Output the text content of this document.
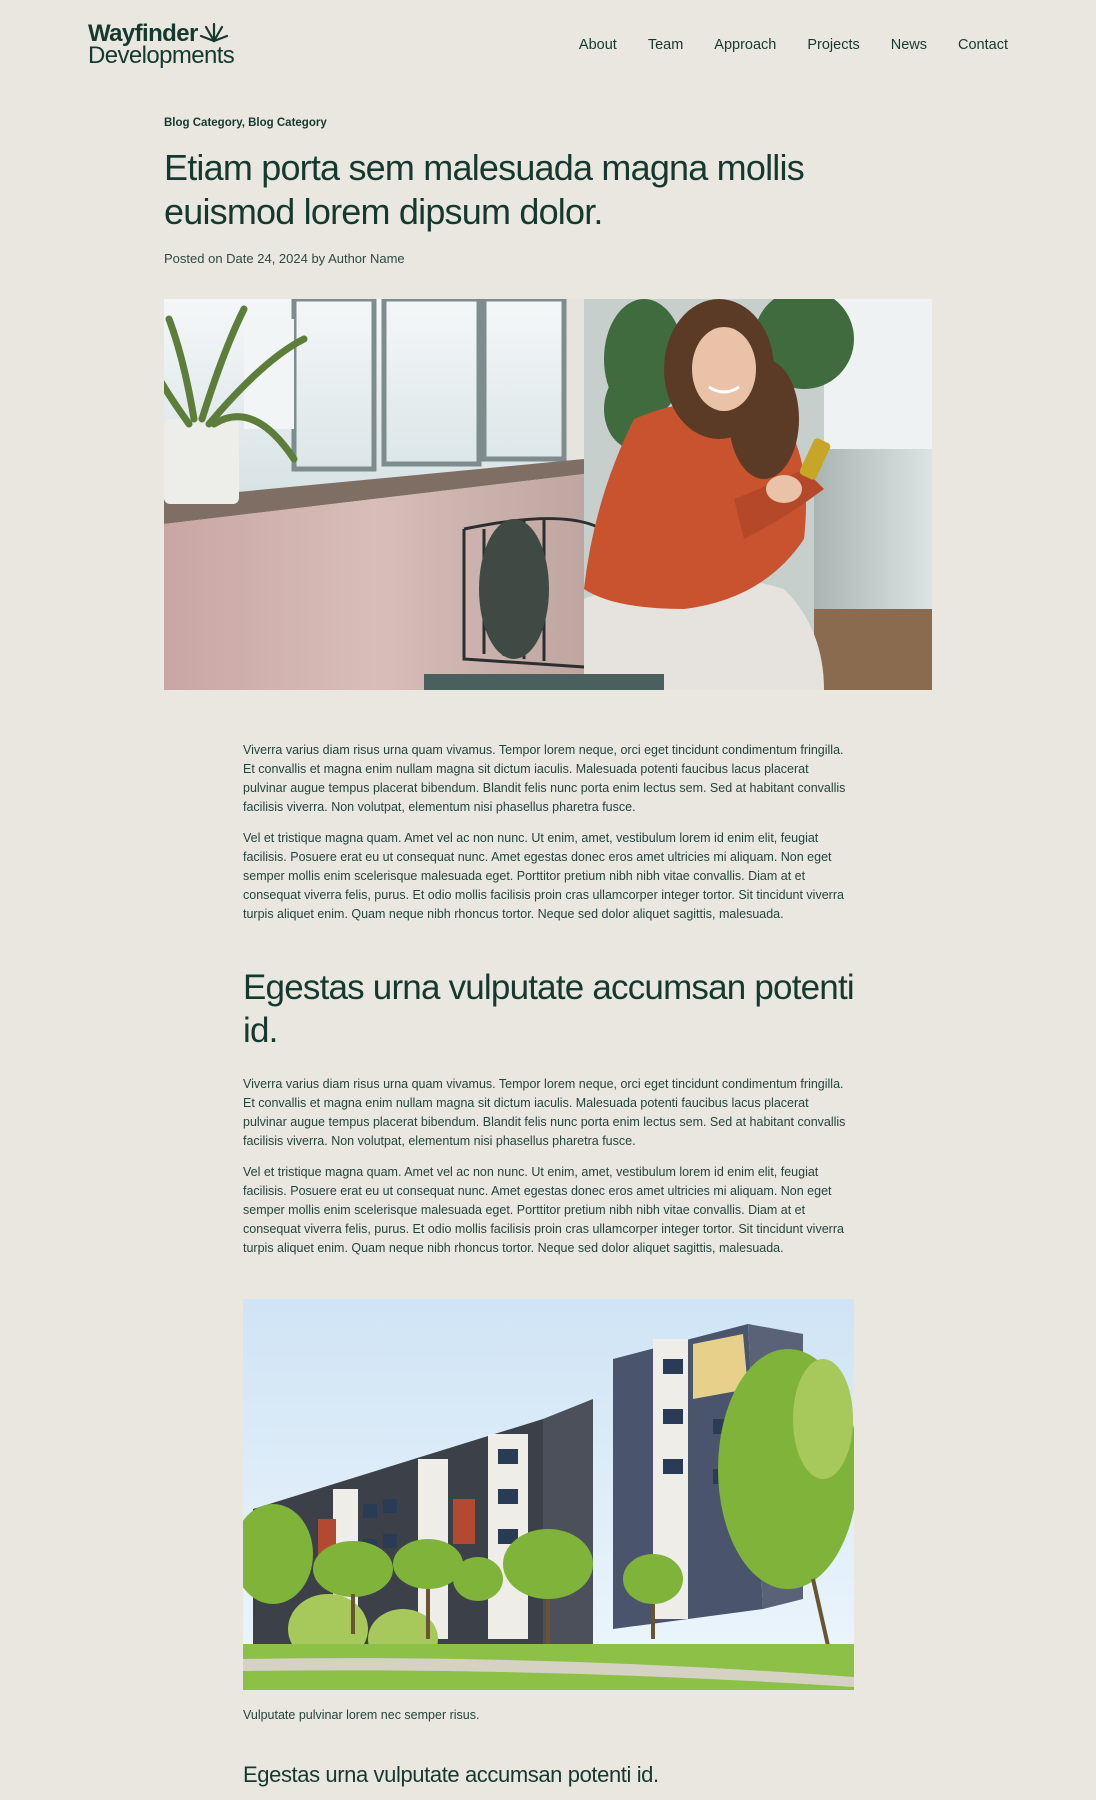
Wayfinder
Developments	About Team Approach Projects News Contact
Blog Category, Blog Category
Etiam porta sem malesuada magna mollis euismod lorem dipsum dolor.
Posted on Date 24, 2024 by Author Name

Viverra varius diam risus urna quam vivamus. Tempor lorem neque, orci eget tincidunt condimentum fringilla. Et convallis et magna enim nullam magna sit dictum iaculis. Malesuada potenti faucibus lacus placerat pulvinar augue tempus placerat bibendum. Blandit felis nunc porta enim lectus sem. Sed at habitant convallis facilisis viverra. Non volutpat, elementum nisi phasellus pharetra fusce.

Vel et tristique magna quam. Amet vel ac non nunc. Ut enim, amet, vestibulum lorem id enim elit, feugiat facilisis. Posuere erat eu ut consequat nunc. Amet egestas donec eros amet ultricies mi aliquam. Non eget semper mollis enim scelerisque malesuada eget. Porttitor pretium nibh nibh vitae convallis. Diam at et consequat viverra felis, purus. Et odio mollis facilisis proin cras ullamcorper integer tortor. Sit tincidunt viverra turpis aliquet enim. Quam neque nibh rhoncus tortor. Neque sed dolor aliquet sagittis, malesuada.

Egestas urna vulputate accumsan potenti id.

Viverra varius diam risus urna quam vivamus. Tempor lorem neque, orci eget tincidunt condimentum fringilla. Et convallis et magna enim nullam magna sit dictum iaculis. Malesuada potenti faucibus lacus placerat pulvinar augue tempus placerat bibendum. Blandit felis nunc porta enim lectus sem. Sed at habitant convallis facilisis viverra. Non volutpat, elementum nisi phasellus pharetra fusce.

Vel et tristique magna quam. Amet vel ac non nunc. Ut enim, amet, vestibulum lorem id enim elit, feugiat facilisis. Posuere erat eu ut consequat nunc. Amet egestas donec eros amet ultricies mi aliquam. Non eget semper mollis enim scelerisque malesuada eget. Porttitor pretium nibh nibh vitae convallis. Diam at et consequat viverra felis, purus. Et odio mollis facilisis proin cras ullamcorper integer tortor. Sit tincidunt viverra turpis aliquet enim. Quam neque nibh rhoncus tortor. Neque sed dolor aliquet sagittis, malesuada.

Vulputate pulvinar lorem nec semper risus.
Egestas urna vulputate accumsan potenti id.
